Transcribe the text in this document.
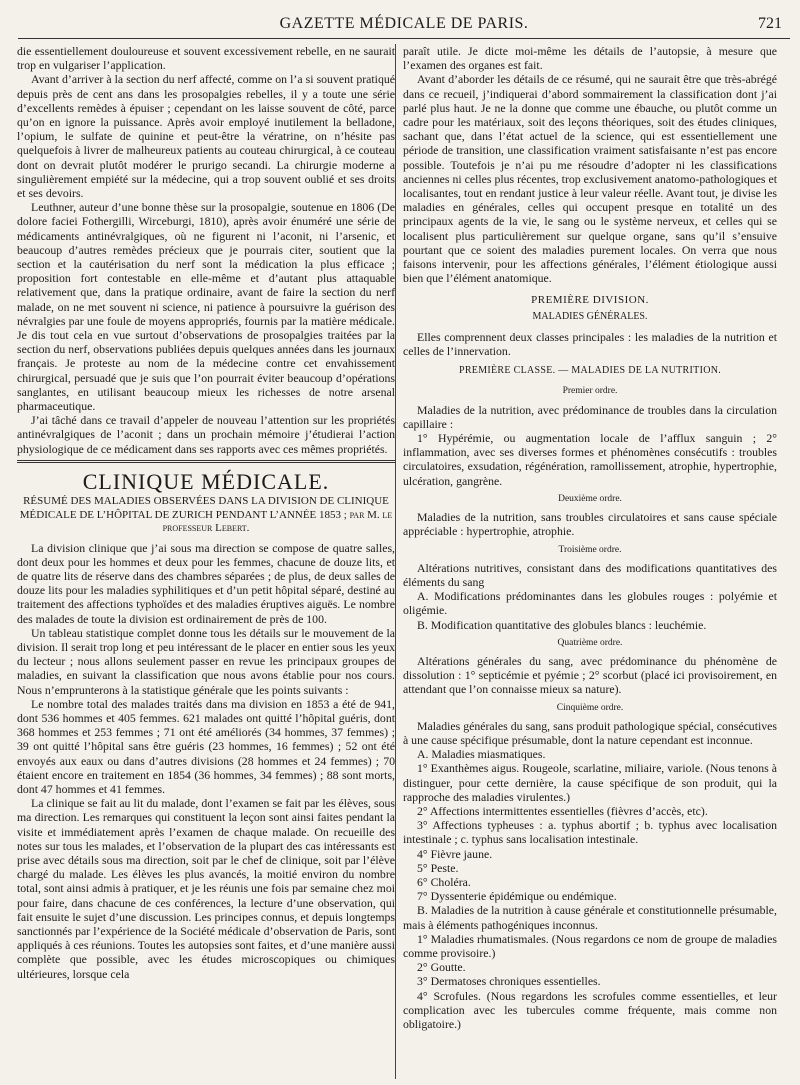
GAZETTE MÉDICALE DE PARIS.	721

die essentiellement douloureuse et souvent excessivement rebelle, en ne saurait trop en vulgariser l’application.

Avant d’arriver à la section du nerf affecté, comme on l’a si souvent pratiqué depuis près de cent ans dans les prosopalgies rebelles, il y a toute une série d’excellents remèdes à épuiser ; cependant on les laisse souvent de côté, parce qu’on en ignore la puissance. Après avoir employé inutilement la belladone, l’opium, le sulfate de quinine et peut-être la vératrine, on n’hésite pas quelquefois à livrer de malheureux patients au couteau chirurgical, à ce couteau dont on devrait plutôt modérer le prurigo secandi. La chirurgie moderne a singulièrement empiété sur la médecine, qui a trop souvent oublié et ses droits et ses devoirs.

Leuthner, auteur d’une bonne thèse sur la prosopalgie, soutenue en 1806 (De dolore faciei Fothergilli, Wirceburgi, 1810), après avoir énuméré une série de médicaments antinévralgiques, où ne figurent ni l’aconit, ni l’arsenic, et beaucoup d’autres remèdes précieux que je pourrais citer, soutient que la section et la cautérisation du nerf sont la médication la plus efficace ; proposition fort contestable en elle-même et d’autant plus attaquable relativement que, dans la pratique ordinaire, avant de faire la section du nerf malade, on ne met souvent ni science, ni patience à poursuivre la guérison des névralgies par une foule de moyens appropriés, fournis par la matière médicale. Je dis tout cela en vue surtout d’observations de prosopalgies traitées par la section du nerf, observations publiées depuis quelques années dans les journaux français. Je proteste au nom de la médecine contre cet envahissement chirurgical, persuadé que je suis que l’on pourrait éviter beaucoup d’opérations sanglantes, en utilisant beaucoup mieux les richesses de notre arsenal pharmaceutique.

J’ai tâché dans ce travail d’appeler de nouveau l’attention sur les propriétés antinévralgiques de l’aconit ; dans un prochain mémoire j’étudierai l’action physiologique de ce médicament dans ses rapports avec ces mêmes propriétés.

CLINIQUE MÉDICALE.

RÉSUMÉ DES MALADIES OBSERVÉES DANS LA DIVISION DE CLINIQUE MÉDICALE DE L’HÔPITAL DE ZURICH PENDANT L’ANNÉE 1853 ; par M. le professeur Lebert.

La division clinique que j’ai sous ma direction se compose de quatre salles, dont deux pour les hommes et deux pour les femmes, chacune de douze lits, et de quatre lits de réserve dans des chambres séparées ; de plus, de deux salles de douze lits pour les maladies syphilitiques et d’un petit hôpital séparé, destiné au traitement des affections typhoïdes et des maladies éruptives aiguës. Le nombre des malades de toute la division est ordinairement de près de 100.

Un tableau statistique complet donne tous les détails sur le mouvement de la division. Il serait trop long et peu intéressant de le placer en entier sous les yeux du lecteur ; nous allons seulement passer en revue les principaux groupes de maladies, en suivant la classification que nous avons établie pour nos cours. Nous n’emprunterons à la statistique générale que les points suivants :

Le nombre total des malades traités dans ma division en 1853 a été de 941, dont 536 hommes et 405 femmes. 621 malades ont quitté l’hôpital guéris, dont 368 hommes et 253 femmes ; 71 ont été améliorés (34 hommes, 37 femmes) ; 39 ont quitté l’hôpital sans être guéris (23 hommes, 16 femmes) ; 52 ont été envoyés aux eaux ou dans d’autres divisions (28 hommes et 24 femmes) ; 70 étaient encore en traitement en 1854 (36 hommes, 34 femmes) ; 88 sont morts, dont 47 hommes et 41 femmes.

La clinique se fait au lit du malade, dont l’examen se fait par les élèves, sous ma direction. Les remarques qui constituent la leçon sont ainsi faites pendant la visite et immédiatement après l’examen de chaque malade. On recueille des notes sur tous les malades, et l’observation de la plupart des cas intéressants est prise avec détails sous ma direction, soit par le chef de clinique, soit par l’élève chargé du malade. Les élèves les plus avancés, la moitié environ du nombre total, sont ainsi admis à pratiquer, et je les réunis une fois par semaine chez moi pour faire, dans chacune de ces conférences, la lecture d’une observation, qui fait ensuite le sujet d’une discussion. Les principes connus, et depuis longtemps sanctionnés par l’expérience de la Société médicale d’observation de Paris, sont appliqués à ces réunions. Toutes les autopsies sont faites, et d’une manière aussi complète que possible, avec les études microscopiques ou chimiques ultérieures, lorsque cela

paraît utile. Je dicte moi-même les détails de l’autopsie, à mesure que l’examen des organes est fait.

Avant d’aborder les détails de ce résumé, qui ne saurait être que très-abrégé dans ce recueil, j’indiquerai d’abord sommairement la classification dont j’ai parlé plus haut. Je ne la donne que comme une ébauche, ou plutôt comme un cadre pour les matériaux, soit des leçons théoriques, soit des études cliniques, sachant que, dans l’état actuel de la science, qui est essentiellement une période de transition, une classification vraiment satisfaisante n’est pas encore possible. Toutefois je n’ai pu me résoudre d’adopter ni les classifications anciennes ni celles plus récentes, trop exclusivement anatomo-pathologiques et localisantes, tout en rendant justice à leur valeur réelle. Avant tout, je divise les maladies en générales, celles qui occupent presque en totalité un des principaux agents de la vie, le sang ou le système nerveux, et celles qui se localisent plus particulièrement sur quelque organe, sans qu’il s’ensuive pourtant que ce soient des maladies purement locales. On verra que nous faisons intervenir, pour les affections générales, l’élément étiologique aussi bien que l’élément anatomique.

PREMIÈRE DIVISION.
MALADIES GÉNÉRALES.

Elles comprennent deux classes principales : les maladies de la nutrition et celles de l’innervation.

PREMIÈRE CLASSE. — MALADIES DE LA NUTRITION.
Premier ordre.

Maladies de la nutrition, avec prédominance de troubles dans la circulation capillaire :

1° Hypérémie, ou augmentation locale de l’afflux sanguin ; 2° inflammation, avec ses diverses formes et phénomènes consécutifs : troubles circulatoires, exsudation, régénération, ramollissement, atrophie, hypertrophie, ulcération, gangrène.

Deuxième ordre.

Maladies de la nutrition, sans troubles circulatoires et sans cause spéciale appréciable : hypertrophie, atrophie.

Troisième ordre.

Altérations nutritives, consistant dans des modifications quantitatives des éléments du sang

A. Modifications prédominantes dans les globules rouges : polyémie et oligémie.

B. Modification quantitative des globules blancs : leuchémie.

Quatrième ordre.

Altérations générales du sang, avec prédominance du phénomène de dissolution : 1° septicémie et pyémie ; 2° scorbut (placé ici provisoirement, en attendant que l’on connaisse mieux sa nature).

Cinquième ordre.

Maladies générales du sang, sans produit pathologique spécial, consécutives à une cause spécifique présumable, dont la nature cependant est inconnue.

A. Maladies miasmatiques.

1° Exanthèmes aigus. Rougeole, scarlatine, miliaire, variole. (Nous tenons à distinguer, pour cette dernière, la cause spécifique de son produit, qui la rapproche des maladies virulentes.)

2° Affections intermittentes essentielles (fièvres d’accès, etc).

3° Affections typheuses : a. typhus abortif ; b. typhus avec localisation intestinale ; c. typhus sans localisation intestinale.

4° Fièvre jaune.

5° Peste.

6° Choléra.

7° Dyssenterie épidémique ou endémique.

B. Maladies de la nutrition à cause générale et constitutionnelle présumable, mais à éléments pathogéniques inconnus.

1° Maladies rhumatismales. (Nous regardons ce nom de groupe de maladies comme provisoire.)

2° Goutte.

3° Dermatoses chroniques essentielles.

4° Scrofules. (Nous regardons les scrofules comme essentielles, et leur complication avec les tubercules comme fréquente, mais comme non obligatoire.)
